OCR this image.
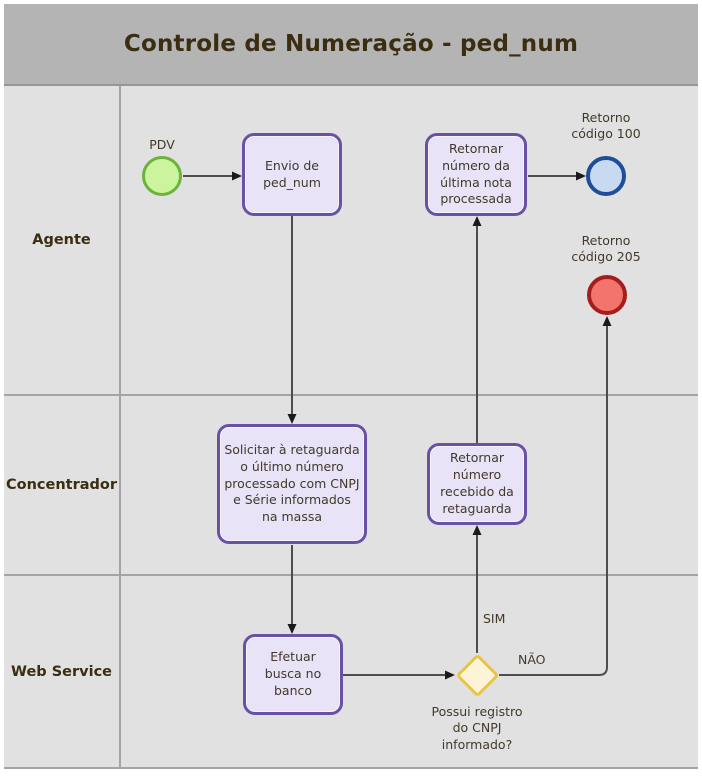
Controle de Numeração - ped_num
Agente
Concentrador
Web Service
PDV
Envio de ped_num
Retornar número da última nota processada
Retorno código 100
Retorno código 205
Solicitar à retaguarda o último número processado com CNPJ e Série informados na massa
Retornar número recebido da retaguarda
Efetuar busca no banco
Possui registro do CNPJ informado?
SIM
NÃO
